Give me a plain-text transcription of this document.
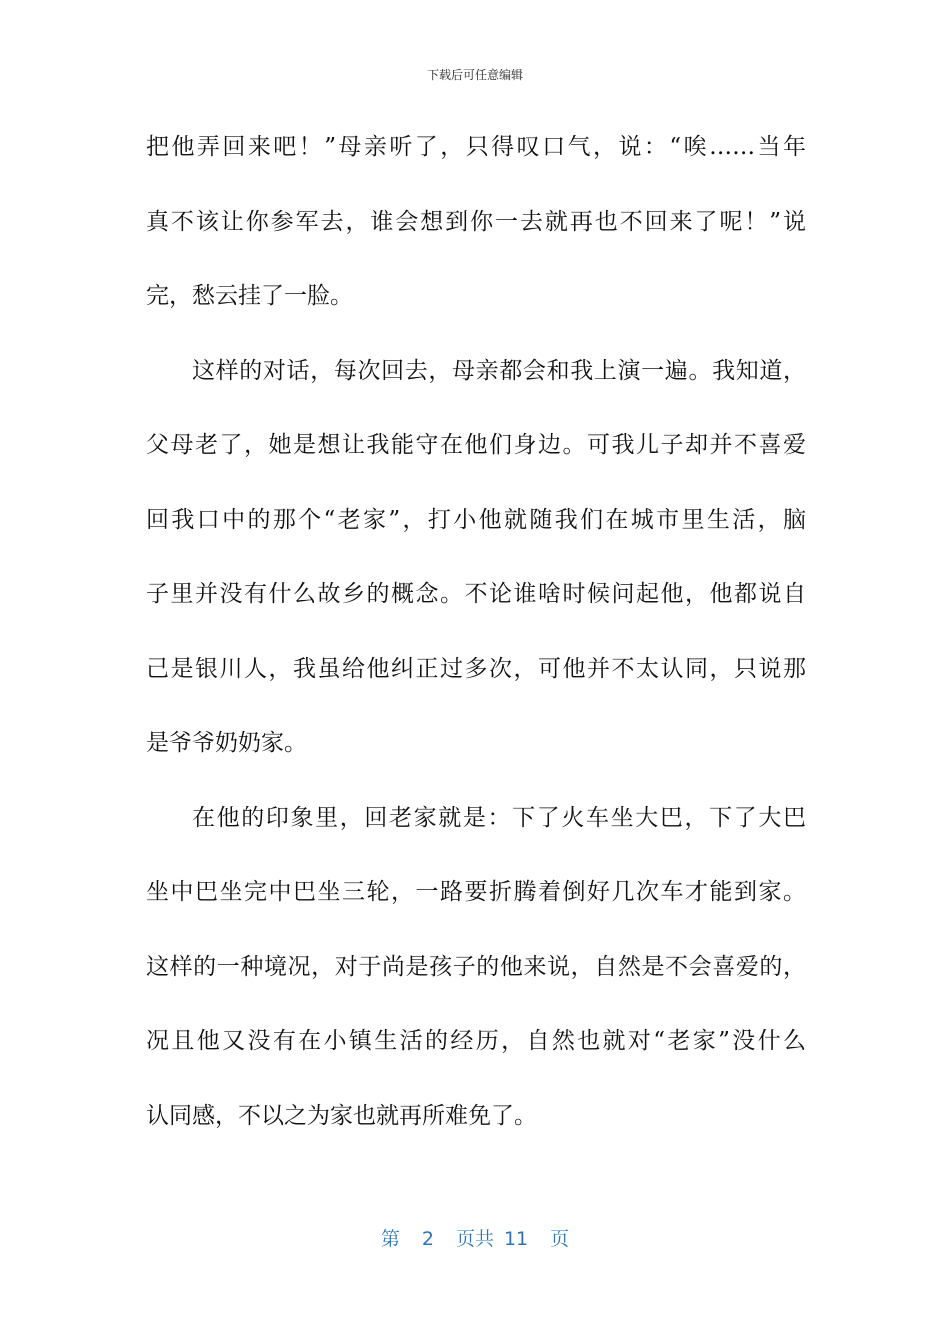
下载后可任意编辑
把他弄回来吧！”母亲听了，只得叹口气，说：“唉……当年
真不该让你参军去，谁会想到你一去就再也不回来了呢！”说
完，愁云挂了一脸。
这样的对话，每次回去，母亲都会和我上演一遍。我知道，
父母老了，她是想让我能守在他们身边。可我儿子却并不喜爱
回我口中的那个“老家”，打小他就随我们在城市里生活，脑
子里并没有什么故乡的概念。不论谁啥时候问起他，他都说自
己是银川人，我虽给他纠正过多次，可他并不太认同，只说那
是爷爷奶奶家。
在他的印象里，回老家就是：下了火车坐大巴，下了大巴
坐中巴坐完中巴坐三轮，一路要折腾着倒好几次车才能到家。
这样的一种境况，对于尚是孩子的他来说，自然是不会喜爱的，
况且他又没有在小镇生活的经历，自然也就对“老家”没什么
认同感，不以之为家也就再所难免了。
第 2 页共 11 页
